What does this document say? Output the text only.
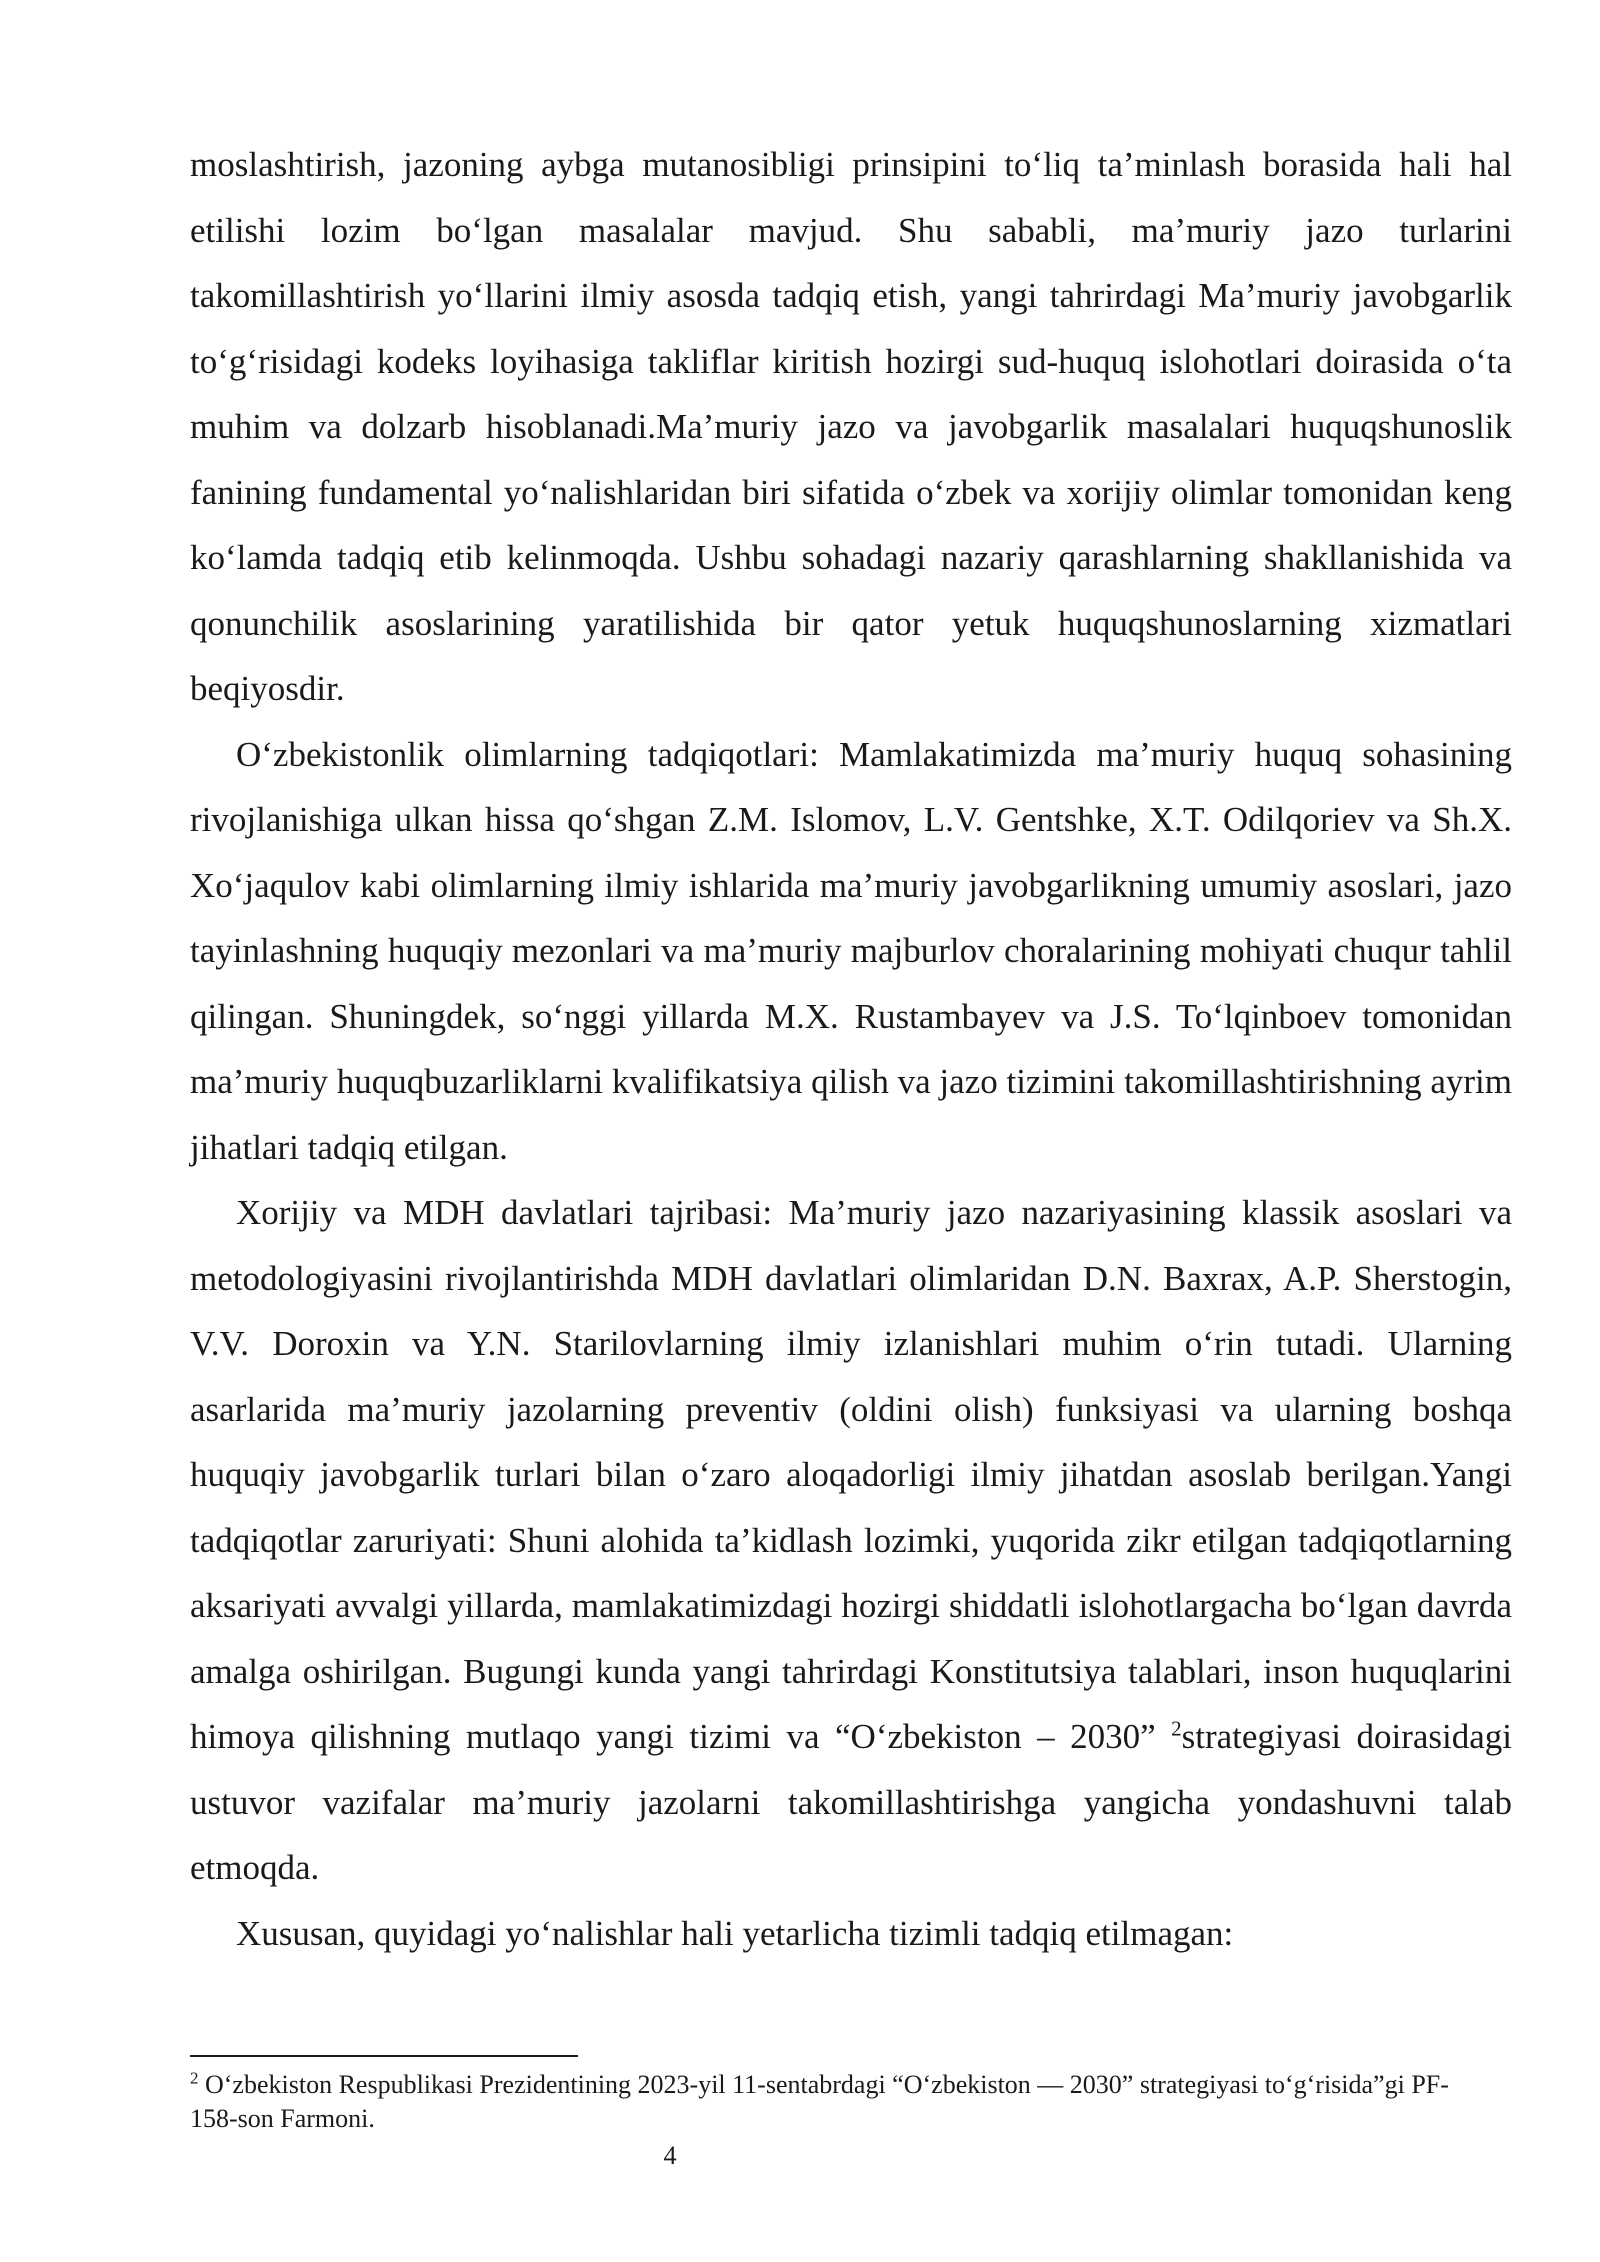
moslashtirish, jazoning aybga mutanosibligi prinsipini to‘liq ta’minlash borasida hali hal etilishi lozim bo‘lgan masalalar mavjud. Shu sababli, ma’muriy jazo turlarini takomillashtirish yo‘llarini ilmiy asosda tadqiq etish, yangi tahrirdagi Ma’muriy javobgarlik to‘g‘risidagi kodeks loyihasiga takliflar kiritish hozirgi sud-huquq islohotlari doirasida o‘ta muhim va dolzarb hisoblanadi.Ma’muriy jazo va javobgarlik masalalari huquqshunoslik fanining fundamental yo‘nalishlaridan biri sifatida o‘zbek va xorijiy olimlar tomonidan keng ko‘lamda tadqiq etib kelinmoqda. Ushbu sohadagi nazariy qarashlarning shakllanishida va qonunchilik asoslarining yaratilishida bir qator yetuk huquqshunoslarning xizmatlari beqiyosdir.

O‘zbekistonlik olimlarning tadqiqotlari: Mamlakatimizda ma’muriy huquq sohasining rivojlanishiga ulkan hissa qo‘shgan Z.M. Islomov, L.V. Gentshke, X.T. Odilqoriev va Sh.X. Xo‘jaqulov kabi olimlarning ilmiy ishlarida ma’muriy javobgarlikning umumiy asoslari, jazo tayinlashning huquqiy mezonlari va ma’muriy majburlov choralarining mohiyati chuqur tahlil qilingan. Shuningdek, so‘nggi yillarda M.X. Rustambayev va J.S. To‘lqinboev tomonidan ma’muriy huquqbuzarliklarni kvalifikatsiya qilish va jazo tizimini takomillashtirishning ayrim jihatlari tadqiq etilgan.

Xorijiy va MDH davlatlari tajribasi: Ma’muriy jazo nazariyasining klassik asoslari va metodologiyasini rivojlantirishda MDH davlatlari olimlaridan D.N. Baxrax, A.P. Sherstogin, V.V. Doroxin va Y.N. Starilovlarning ilmiy izlanishlari muhim o‘rin tutadi. Ularning asarlarida ma’muriy jazolarning preventiv (oldini olish) funksiyasi va ularning boshqa huquqiy javobgarlik turlari bilan o‘zaro aloqadorligi ilmiy jihatdan asoslab berilgan.Yangi tadqiqotlar zaruriyati: Shuni alohida ta’kidlash lozimki, yuqorida zikr etilgan tadqiqotlarning aksariyati avvalgi yillarda, mamlakatimizdagi hozirgi shiddatli islohotlargacha bo‘lgan davrda amalga oshirilgan. Bugungi kunda yangi tahrirdagi Konstitutsiya talablari, inson huquqlarini himoya qilishning mutlaqo yangi tizimi va “O‘zbekiston – 2030” $^2$strategiyasi doirasidagi ustuvor vazifalar ma’muriy jazolarni takomillashtirishga yangicha yondashuvni talab etmoqda.

Xususan, quyidagi yo‘nalishlar hali yetarlicha tizimli tadqiq etilmagan:

$^2$ O‘zbekiston Respublikasi Prezidentining 2023-yil 11-sentabrdagi “O‘zbekiston — 2030” strategiyasi to‘g‘risida”gi PF-158-son Farmoni.
4
